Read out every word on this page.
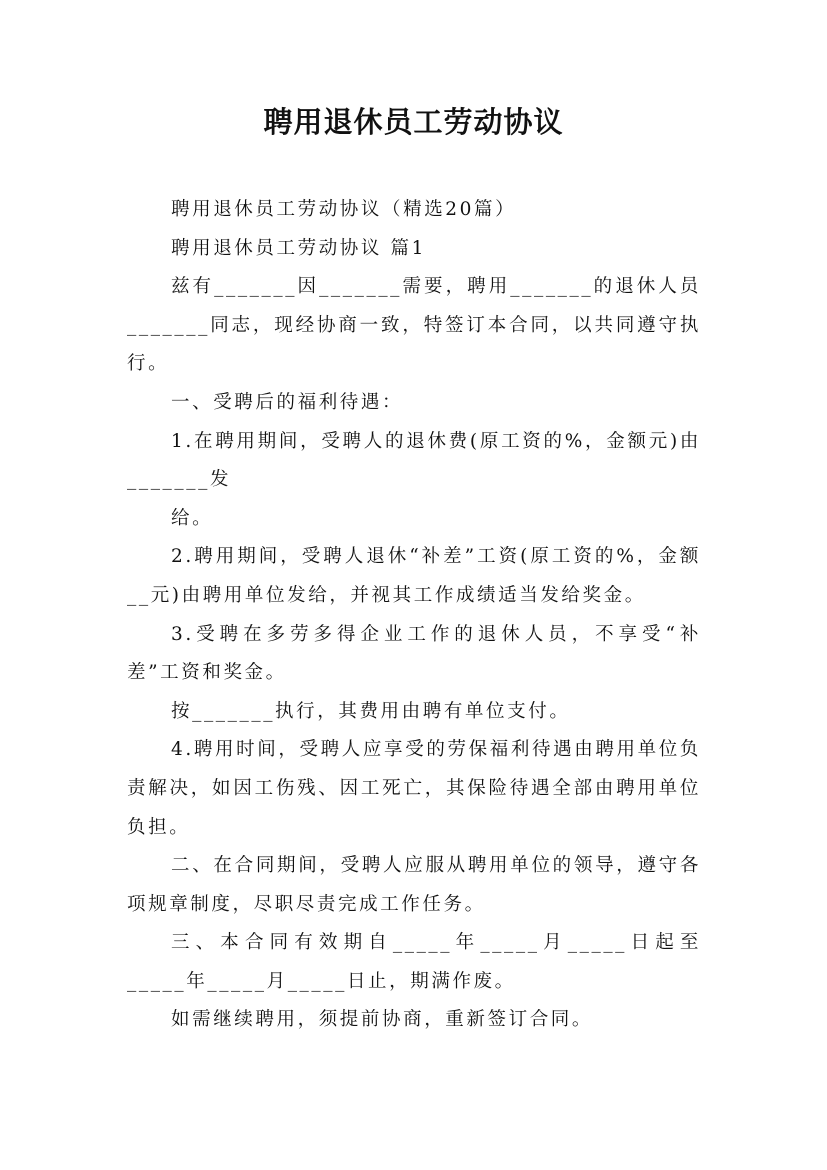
聘用退休员工劳动协议

聘用退休员工劳动协议（精选20篇）

聘用退休员工劳动协议 篇1

兹有_______因_______需要，聘用_______的退休人员_______同志，现经协商一致，特签订本合同，以共同遵守执行。

一、受聘后的福利待遇：

1.在聘用期间，受聘人的退休费(原工资的%，金额元)由_______发

给。

2.聘用期间，受聘人退休“补差”工资(原工资的%，金额__元)由聘用单位发给，并视其工作成绩适当发给奖金。

3.受聘在多劳多得企业工作的退休人员，不享受“补差”工资和奖金。

按_______执行，其费用由聘有单位支付。

4.聘用时间，受聘人应享受的劳保福利待遇由聘用单位负责解决，如因工伤残、因工死亡，其保险待遇全部由聘用单位负担。

二、在合同期间，受聘人应服从聘用单位的领导，遵守各项规章制度，尽职尽责完成工作任务。

三、本合同有效期自_____年_____月_____日起至_____年_____月_____日止，期满作废。

如需继续聘用，须提前协商，重新签订合同。
